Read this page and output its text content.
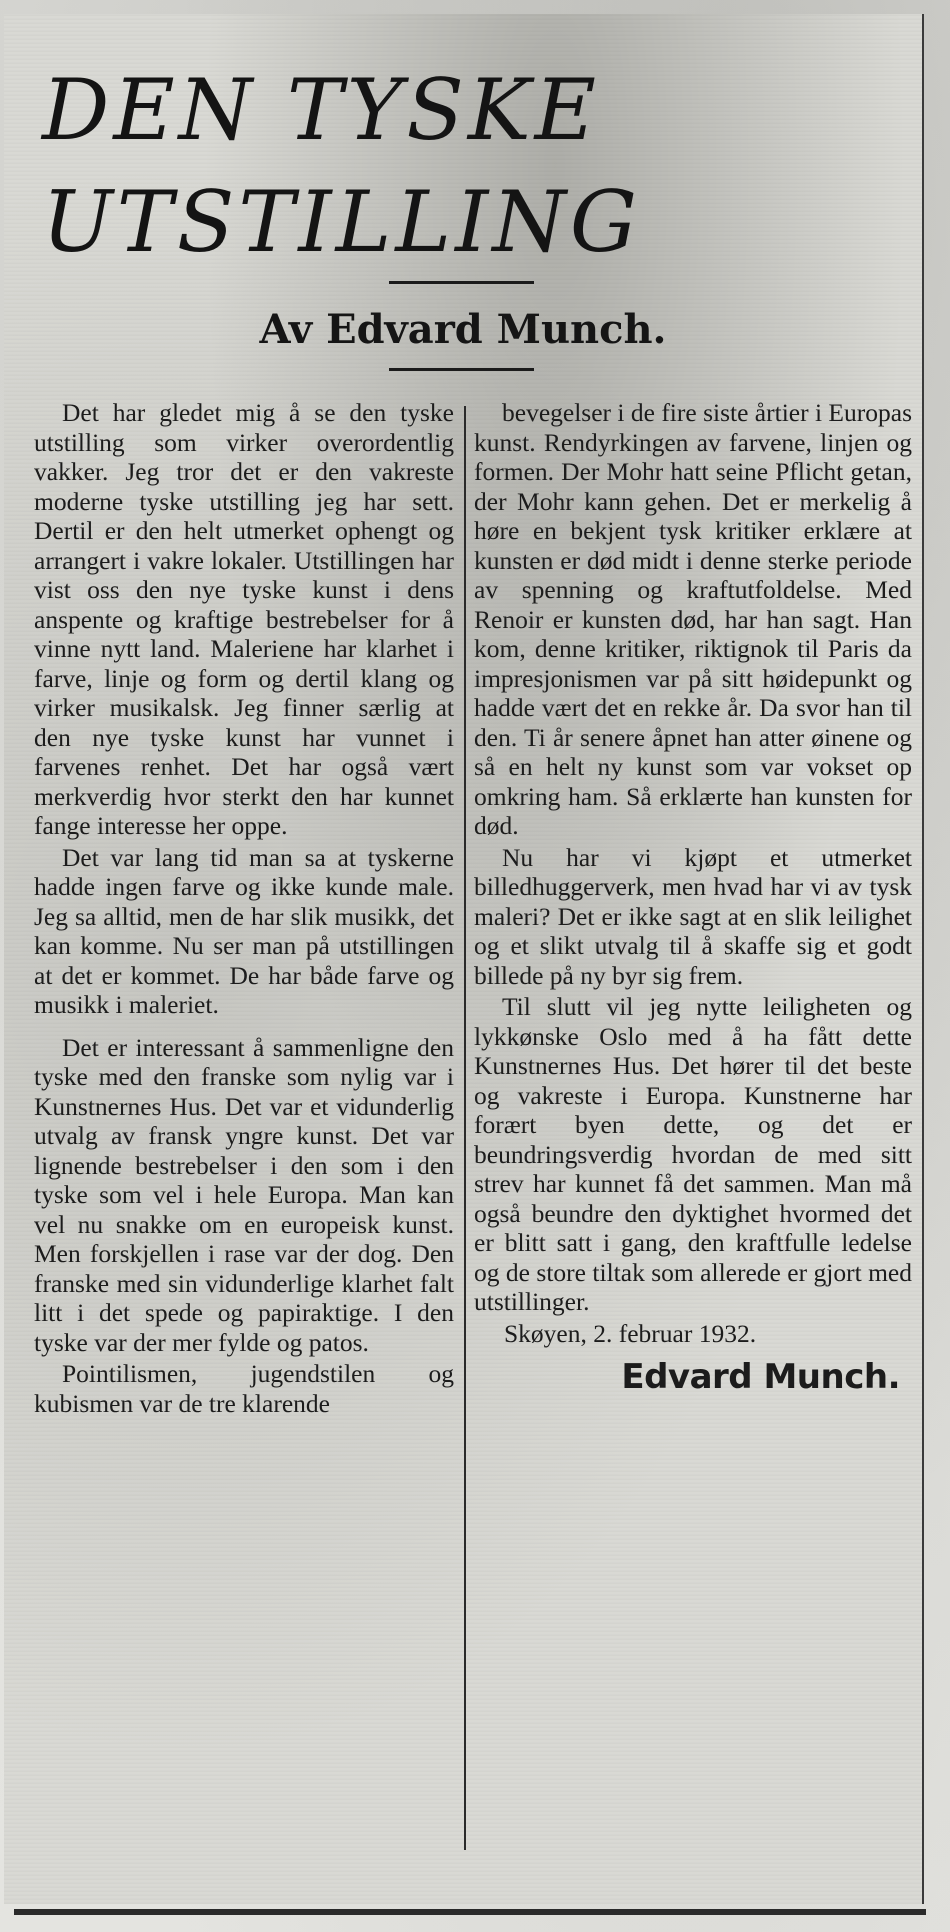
DEN TYSKE
UTSTILLING
Av Edvard Munch.

Det har gledet mig å se den tyske utstilling som virker overordentlig vakker. Jeg tror det er den vakreste moderne tyske utstilling jeg har sett. Dertil er den helt utmerket ophengt og arrangert i vakre lokaler. Utstillingen har vist oss den nye tyske kunst i dens anspente og kraftige bestrebelser for å vinne nytt land. Maleriene har klarhet i farve, linje og form og dertil klang og virker musikalsk. Jeg finner særlig at den nye tyske kunst har vunnet i farvenes renhet. Det har også vært merkverdig hvor sterkt den har kunnet fange interesse her oppe.

Det var lang tid man sa at tyskerne hadde ingen farve og ikke kunde male. Jeg sa alltid, men de har slik musikk, det kan komme. Nu ser man på utstillingen at det er kommet. De har både farve og musikk i maleriet.

Det er interessant å sammenligne den tyske med den franske som nylig var i Kunstnernes Hus. Det var et vidunderlig utvalg av fransk yngre kunst. Det var lignende bestrebelser i den som i den tyske som vel i hele Europa. Man kan vel nu snakke om en europeisk kunst. Men forskjellen i rase var der dog. Den franske med sin vidunderlige klarhet falt litt i det spede og papiraktige. I den tyske var der mer fylde og patos.

Pointilismen, jugendstilen og kubismen var de tre klarende

bevegelser i de fire siste årtier i Europas kunst. Rendyrkingen av farvene, linjen og formen. Der Mohr hatt seine Pflicht getan, der Mohr kann gehen. Det er merkelig å høre en bekjent tysk kritiker erklære at kunsten er død midt i denne sterke periode av spenning og kraftutfoldelse. Med Renoir er kunsten død, har han sagt. Han kom, denne kritiker, riktignok til Paris da impresjonismen var på sitt høidepunkt og hadde vært det en rekke år. Da svor han til den. Ti år senere åpnet han atter øinene og så en helt ny kunst som var vokset op omkring ham. Så erklærte han kunsten for død.

Nu har vi kjøpt et utmerket billedhuggerverk, men hvad har vi av tysk maleri? Det er ikke sagt at en slik leilighet og et slikt utvalg til å skaffe sig et godt billede på ny byr sig frem.

Til slutt vil jeg nytte leiligheten og lykkønske Oslo med å ha fått dette Kunstnernes Hus. Det hører til det beste og vakreste i Europa. Kunstnerne har forært byen dette, og det er beundringsverdig hvordan de med sitt strev har kunnet få det sammen. Man må også beundre den dyktighet hvormed det er blitt satt i gang, den kraftfulle ledelse og de store tiltak som allerede er gjort med utstillinger.

Skøyen, 2. februar 1932.

Edvard Munch.
